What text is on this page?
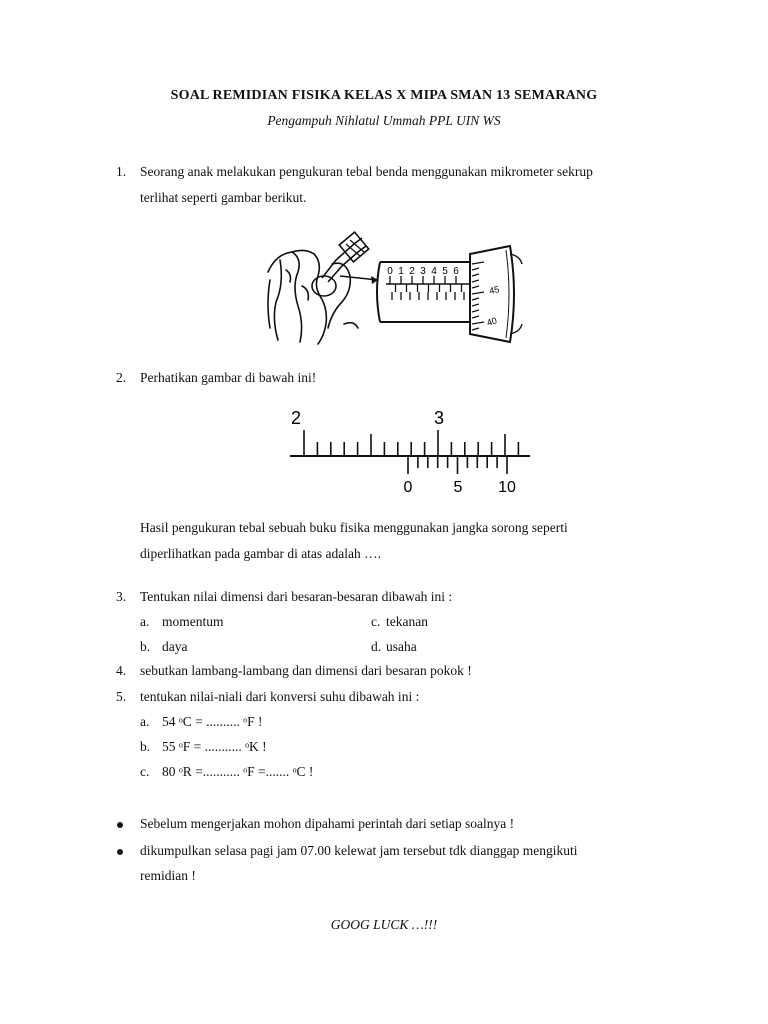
SOAL REMIDIAN FISIKA KELAS X MIPA SMAN 13 SEMARANG
Pengampuh Nihlatul Ummah PPL UIN WS
1. Seorang anak melakukan pengukuran tebal benda menggunakan mikrometer sekrup
terlihat seperti gambar berikut.
0 1 2 3 4 5 6
45
40
2. Perhatikan gambar di bawah ini!
2	3
0	5 10
Hasil pengukuran tebal sebuah buku fisika menggunakan jangka sorong seperti
diperlihatkan pada gambar di atas adalah ….
3. Tentukan nilai dimensi dari besaran-besaran dibawah ini :
a. momentum	c. tekanan
b. daya	d. usaha
4. sebutkan lambang-lambang dan dimensi dari besaran pokok !
5. tentukan nilai-niali dari konversi suhu dibawah ini :
a. 54 ᵒC = .......... ᵒF !
b. 55 ᵒF = ........... ᵒK !
c. 80 ᵒR =........... ᵒF =....... ᵒC !
Sebelum mengerjakan mohon dipahami perintah dari setiap soalnya !
dikumpulkan selasa pagi jam 07.00 kelewat jam tersebut tdk dianggap mengikuti
remidian !
GOOG LUCK …!!!
